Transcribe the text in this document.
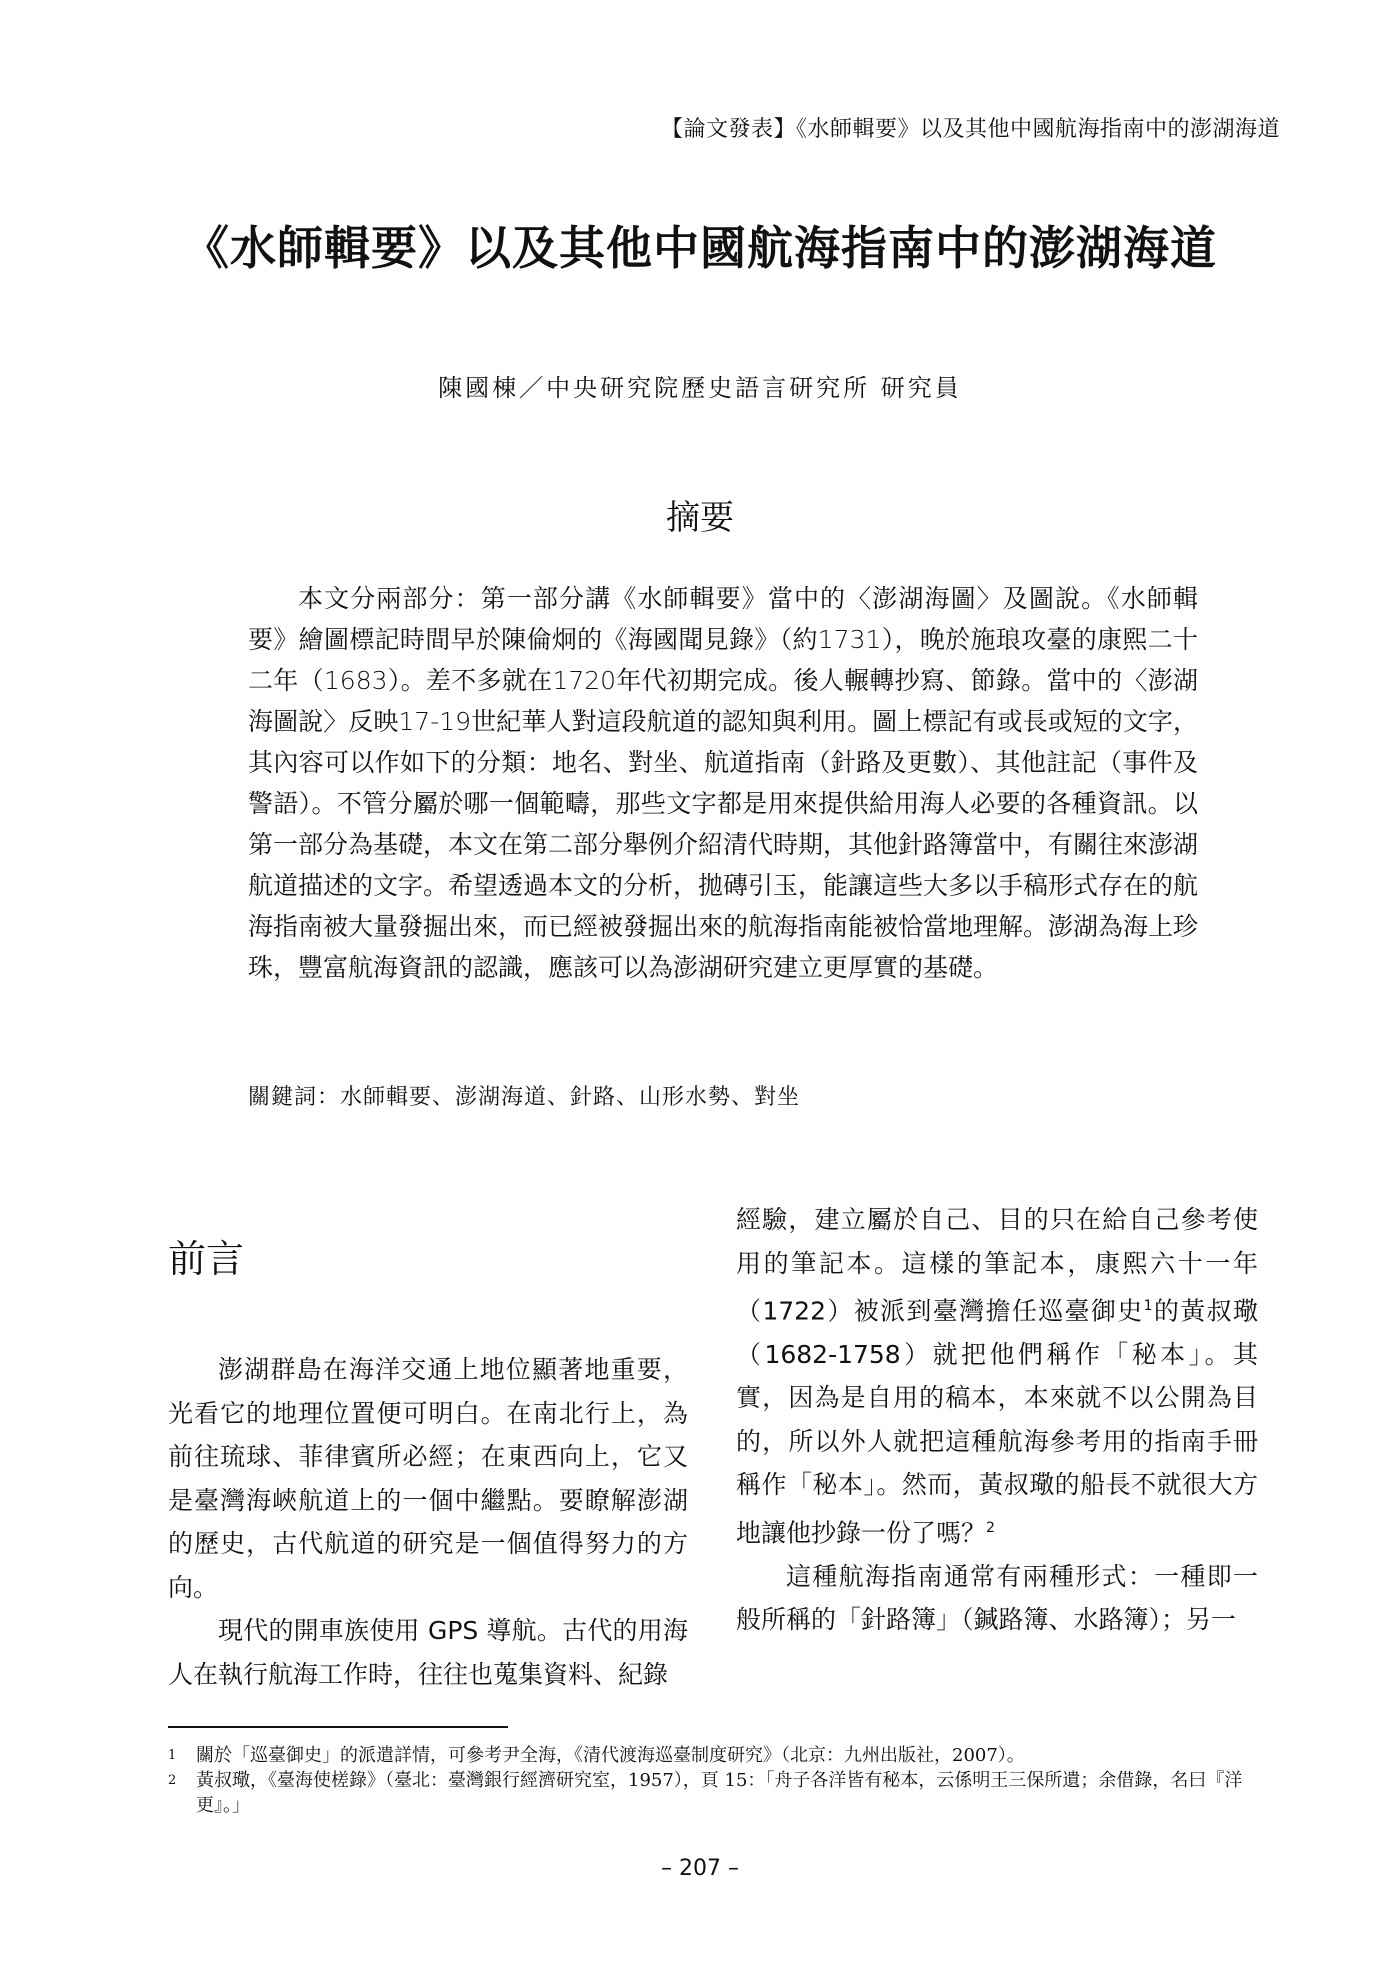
【論文發表】《水師輯要》以及其他中國航海指南中的澎湖海道
《水師輯要》以及其他中國航海指南中的澎湖海道
陳國棟／中央研究院歷史語言研究所 研究員
摘要

本文分兩部分：第一部分講《水師輯要》當中的〈澎湖海圖〉及圖說。《水師輯要》繪圖標記時間早於陳倫炯的《海國聞見錄》（約1731），晚於施琅攻臺的康熙二十二年（1683）。差不多就在1720年代初期完成。後人輾轉抄寫、節錄。當中的〈澎湖海圖說〉反映17-19世紀華人對這段航道的認知與利用。圖上標記有或長或短的文字，其內容可以作如下的分類：地名、對坐、航道指南（針路及更數）、其他註記（事件及警語）。不管分屬於哪一個範疇，那些文字都是用來提供給用海人必要的各種資訊。以第一部分為基礎，本文在第二部分舉例介紹清代時期，其他針路簿當中，有關往來澎湖航道描述的文字。希望透過本文的分析，拋磚引玉，能讓這些大多以手稿形式存在的航海指南被大量發掘出來，而已經被發掘出來的航海指南能被恰當地理解。澎湖為海上珍珠，豐富航海資訊的認識，應該可以為澎湖研究建立更厚實的基礎。

關鍵詞：水師輯要、澎湖海道、針路、山形水勢、對坐
前言

澎湖群島在海洋交通上地位顯著地重要，光看它的地理位置便可明白。在南北行上，為前往琉球、菲律賓所必經；在東西向上，它又是臺灣海峽航道上的一個中繼點。要瞭解澎湖的歷史，古代航道的研究是一個值得努力的方向。

現代的開車族使用 GPS 導航。古代的用海人在執行航海工作時，往往也蒐集資料、紀錄

經驗，建立屬於自己、目的只在給自己參考使用的筆記本。這樣的筆記本，康熙六十一年（1722）被派到臺灣擔任巡臺御史$^1$的黃叔璥（1682-1758）就把他們稱作「秘本」。其實，因為是自用的稿本，本來就不以公開為目的，所以外人就把這種航海參考用的指南手冊稱作「秘本」。然而，黃叔璥的船長不就很大方地讓他抄錄一份了嗎？$^2$

這種航海指南通常有兩種形式：一種即一般所稱的「針路簿」（鍼路簿、水路簿）；另一

1	關於「巡臺御史」的派遣詳情，可參考尹全海，《清代渡海巡臺制度研究》（北京：九州出版社，2007）。
2	黃叔璥，《臺海使槎錄》（臺北：臺灣銀行經濟研究室，1957），頁 15：「舟子各洋皆有秘本，云係明王三保所遺；余借錄，名曰『洋更』。」
– 207 –
